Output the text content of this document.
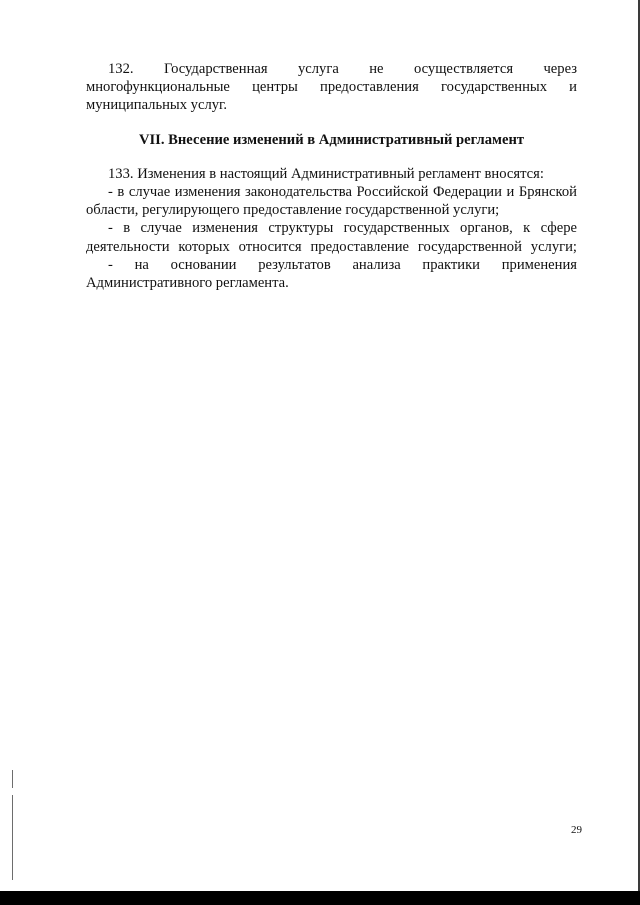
132. Государственная услуга не осуществляется через
многофункциональные центры предоставления государственных и
муниципальных услуг.
VII. Внесение изменений в Административный регламент
133. Изменения в настоящий Административный регламент вносятся:
- в случае изменения законодательства Российской Федерации и Брянской
области, регулирующего предоставление государственной услуги;
- в случае изменения структуры государственных органов, к сфере
деятельности которых относится предоставление государственной услуги;
- на основании результатов анализа практики применения
Административного регламента.
29
